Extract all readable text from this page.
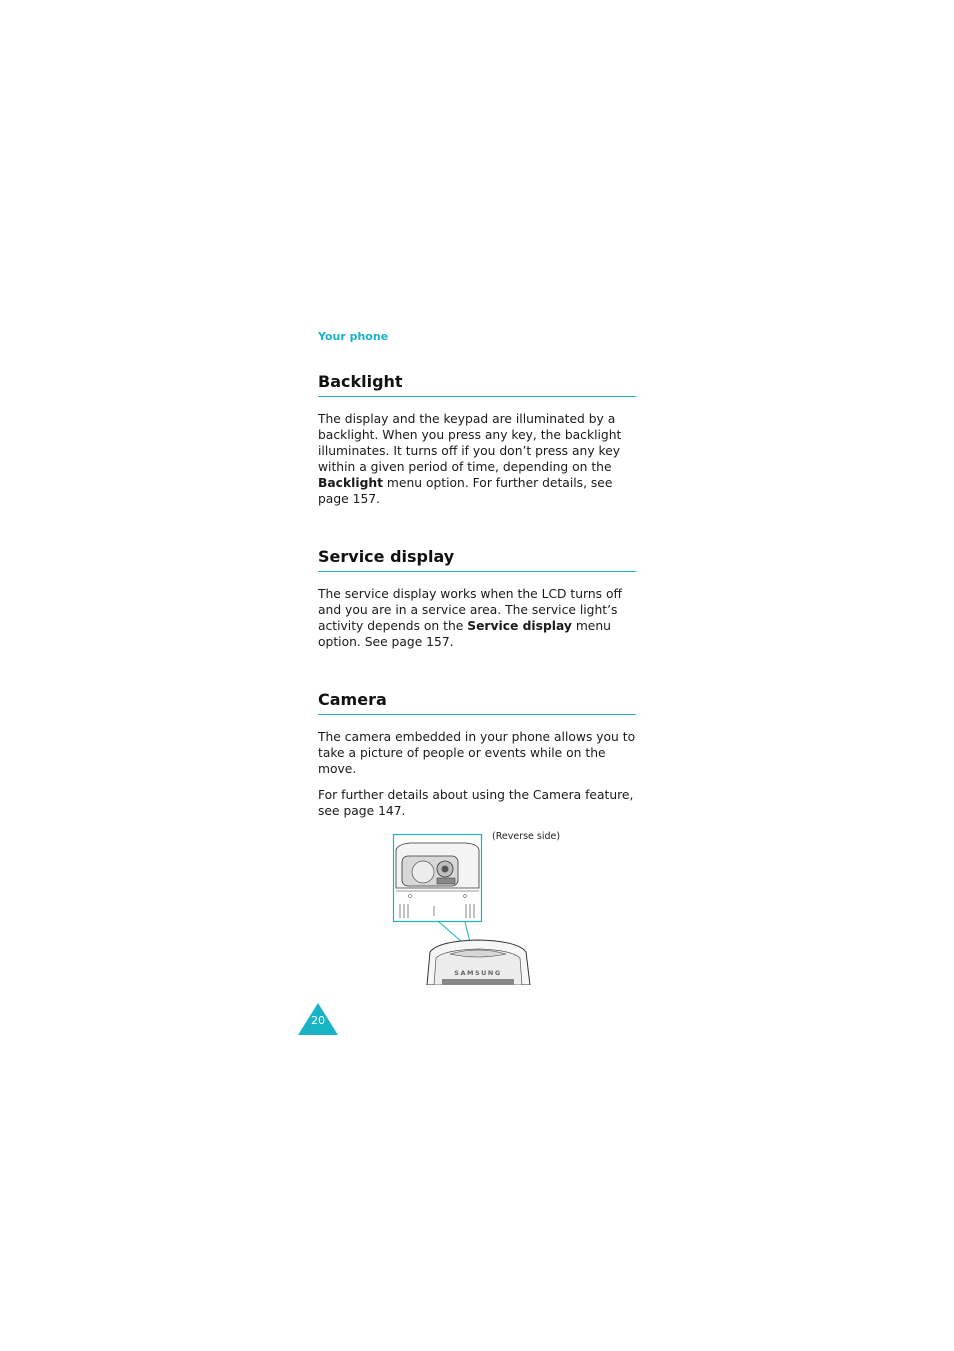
Your phone
Backlight

The display and the keypad are illuminated by a backlight. When you press any key, the backlight illuminates. It turns off if you don’t press any key within a given period of time, depending on the Backlight menu option. For further details, see page 157.

Service display

The service display works when the LCD turns off and you are in a service area. The service light’s activity depends on the Service display menu option. See page 157.

Camera

The camera embedded in your phone allows you to take a picture of people or events while on the move.

For further details about using the Camera feature, see page 147.

(Reverse side)
SAMSUNG
20
